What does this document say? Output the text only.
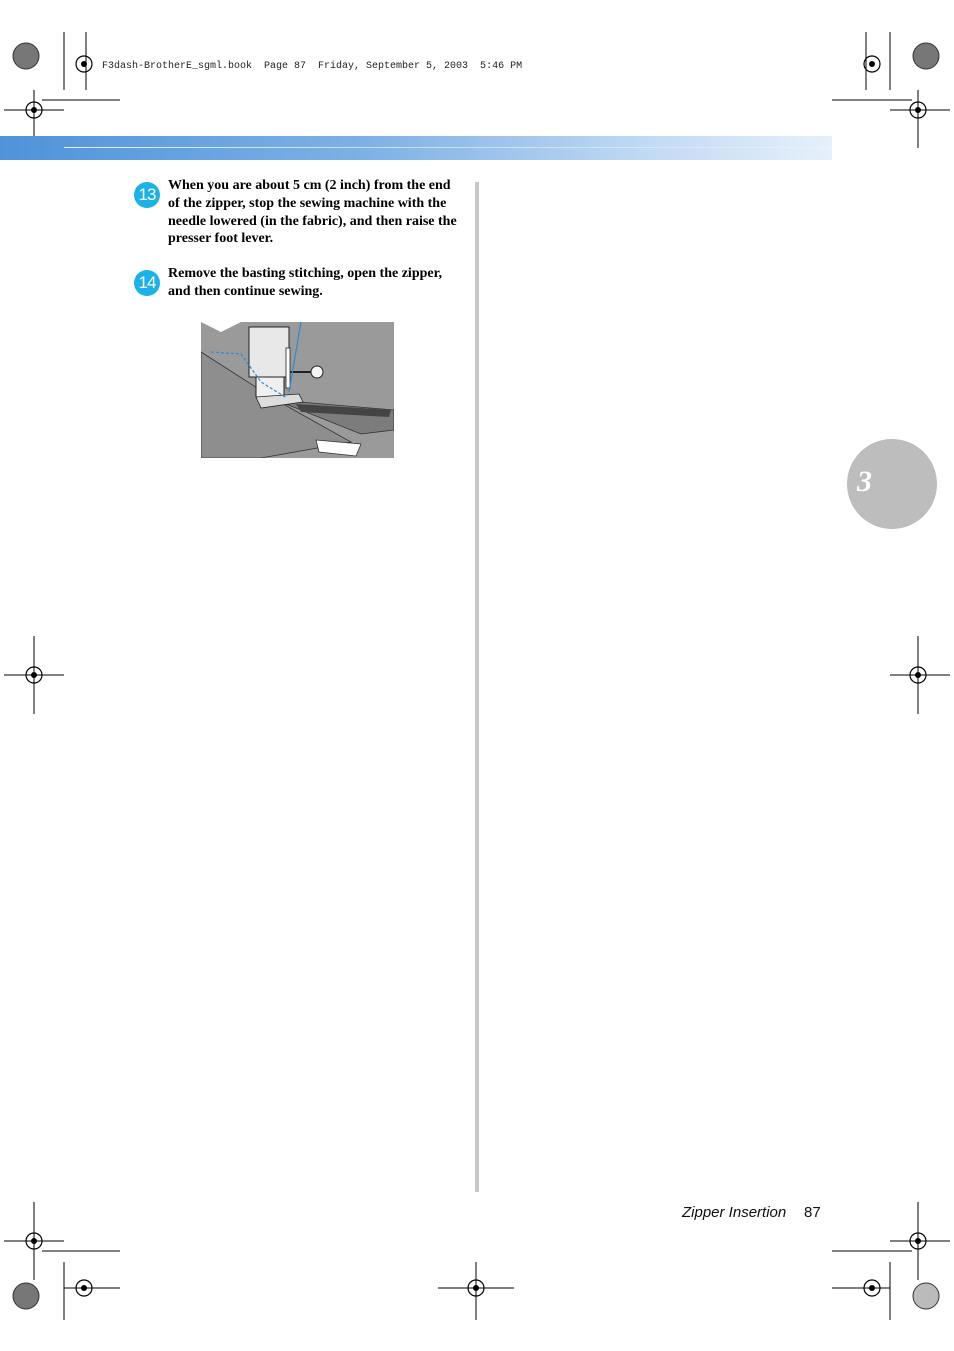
F3dash-BrotherE_sgml.book  Page 87  Friday, September 5, 2003  5:46 PM
13 When you are about 5 cm (2 inch) from the end of the zipper, stop the sewing machine with the needle lowered (in the fabric), and then raise the presser foot lever.
14 Remove the basting stitching, open the zipper, and then continue sewing.
3
Zipper Insertion 87
